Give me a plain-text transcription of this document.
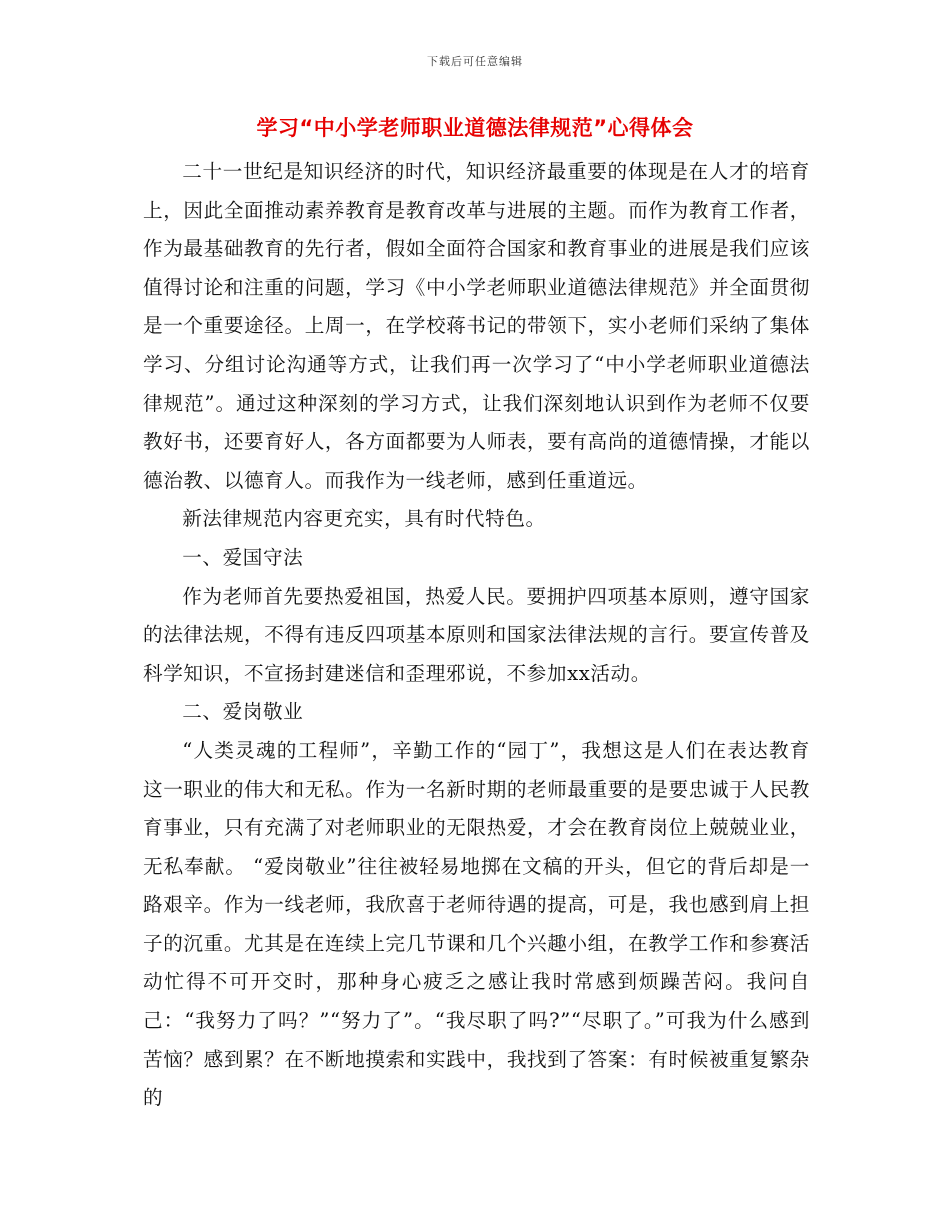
下载后可任意编辑
学习“中小学老师职业道德法律规范”心得体会

二十一世纪是知识经济的时代，知识经济最重要的体现是在人才的培育上，因此全面推动素养教育是教育改革与进展的主题。而作为教育工作者，作为最基础教育的先行者，假如全面符合国家和教育事业的进展是我们应该值得讨论和注重的问题，学习《中小学老师职业道德法律规范》并全面贯彻是一个重要途径。上周一，在学校蒋书记的带领下，实小老师们采纳了集体学习、分组讨论沟通等方式，让我们再一次学习了“中小学老师职业道德法律规范”。通过这种深刻的学习方式，让我们深刻地认识到作为老师不仅要教好书，还要育好人，各方面都要为人师表，要有高尚的道德情操，才能以德治教、以德育人。而我作为一线老师，感到任重道远。

新法律规范内容更充实，具有时代特色。

一、爱国守法

作为老师首先要热爱祖国，热爱人民。要拥护四项基本原则，遵守国家的法律法规，不得有违反四项基本原则和国家法律法规的言行。要宣传普及科学知识，不宣扬封建迷信和歪理邪说，不参加xx活动。

二、爱岗敬业

“人类灵魂的工程师”，辛勤工作的“园丁”，我想这是人们在表达教育这一职业的伟大和无私。作为一名新时期的老师最重要的是要忠诚于人民教育事业，只有充满了对老师职业的无限热爱，才会在教育岗位上兢兢业业，无私奉献。 “爱岗敬业”往往被轻易地掷在文稿的开头，但它的背后却是一路艰辛。作为一线老师，我欣喜于老师待遇的提高，可是，我也感到肩上担子的沉重。尤其是在连续上完几节课和几个兴趣小组，在教学工作和参赛活动忙得不可开交时，那种身心疲乏之感让我时常感到烦躁苦闷。我问自己：“我努力了吗？”“努力了”。“我尽职了吗?”“尽职了。”可我为什么感到苦恼？感到累？在不断地摸索和实践中，我找到了答案：有时候被重复繁杂的
